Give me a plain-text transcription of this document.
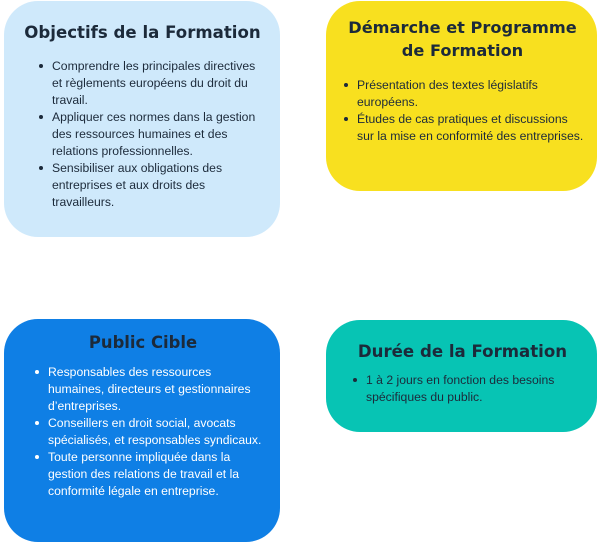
Objectifs de la Formation
Comprendre les principales directives et règlements européens du droit du travail.
Appliquer ces normes dans la gestion des ressources humaines et des relations professionnelles.
Sensibiliser aux obligations des entreprises et aux droits des travailleurs.
Démarche et Programme de Formation
Présentation des textes législatifs européens.
Études de cas pratiques et discussions sur la mise en conformité des entreprises.
Public Cible
Responsables des ressources humaines, directeurs et gestionnaires d’entreprises.
Conseillers en droit social, avocats spécialisés, et responsables syndicaux.
Toute personne impliquée dans la gestion des relations de travail et la conformité légale en entreprise.
Durée de la Formation
1 à 2 jours en fonction des besoins spécifiques du public.
